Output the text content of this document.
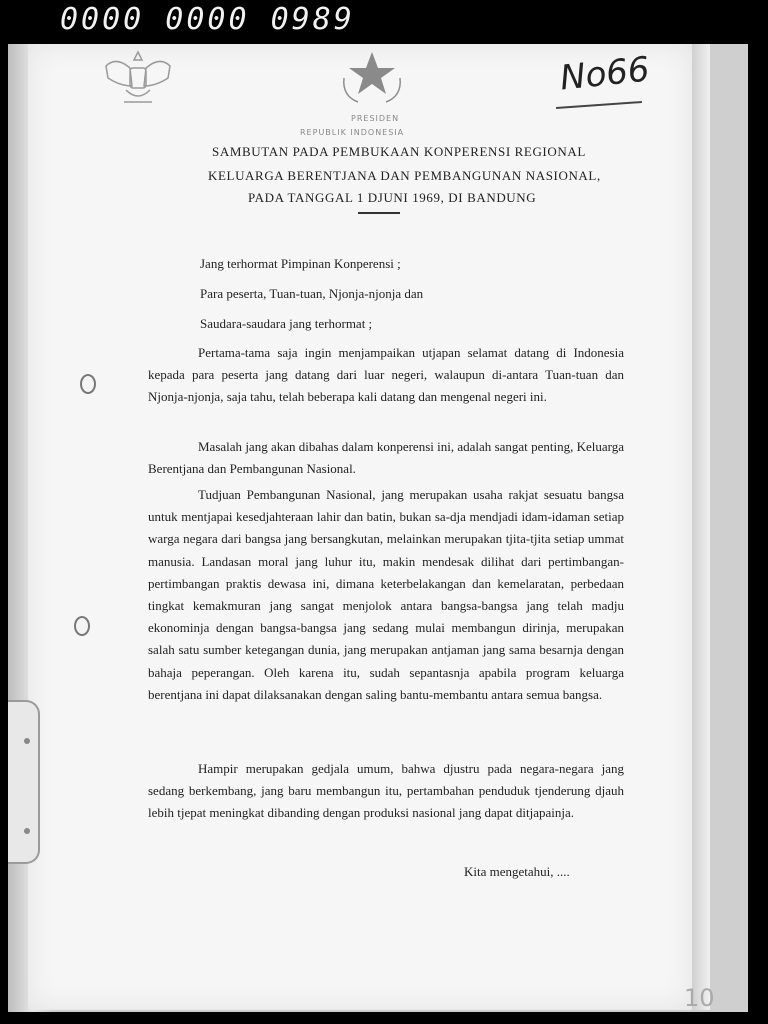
0000 0000 0989
No66
PRESIDEN
REPUBLIK INDONESIA
SAMBUTAN PADA PEMBUKAAN KONPERENSI REGIONAL
KELUARGA BERENTJANA DAN PEMBANGUNAN NASIONAL,
PADA TANGGAL 1 DJUNI 1969, DI BANDUNG
Jang terhormat Pimpinan Konperensi ;
Para peserta, Tuan-tuan, Njonja-njonja dan
Saudara-saudara jang terhormat ;

Pertama-tama saja ingin menjampaikan utjapan selamat datang di Indonesia kepada para peserta jang datang dari luar negeri, walaupun di-antara Tuan-tuan dan Njonja-njonja, saja tahu, telah beberapa kali datang dan mengenal negeri ini.

Masalah jang akan dibahas dalam konperensi ini, adalah sangat penting, Keluarga Berentjana dan Pembangunan Nasional.

Tudjuan Pembangunan Nasional, jang merupakan usaha rakjat sesuatu bangsa untuk mentjapai kesedjahteraan lahir dan batin, bukan sa-dja mendjadi idam-idaman setiap warga negara dari bangsa jang bersangkutan, melainkan merupakan tjita-tjita setiap ummat manusia. Landasan moral jang luhur itu, makin mendesak dilihat dari pertimbangan-pertimbangan praktis dewasa ini, dimana keterbelakangan dan kemelaratan, perbedaan tingkat kemakmuran jang sangat menjolok antara bangsa-bangsa jang telah madju ekonominja dengan bangsa-bangsa jang sedang mulai membangun dirinja, merupakan salah satu sumber ketegangan dunia, jang merupakan antjaman jang sama besarnja dengan bahaja peperangan. Oleh karena itu, sudah sepantasnja apabila program keluarga berentjana ini dapat dilaksanakan dengan saling bantu-membantu antara semua bangsa.

Hampir merupakan gedjala umum, bahwa djustru pada negara-negara jang sedang berkembang, jang baru membangun itu, pertambahan penduduk tjenderung djauh lebih tjepat meningkat dibanding dengan produksi nasional jang dapat ditjapainja.

Kita mengetahui, ....
10
